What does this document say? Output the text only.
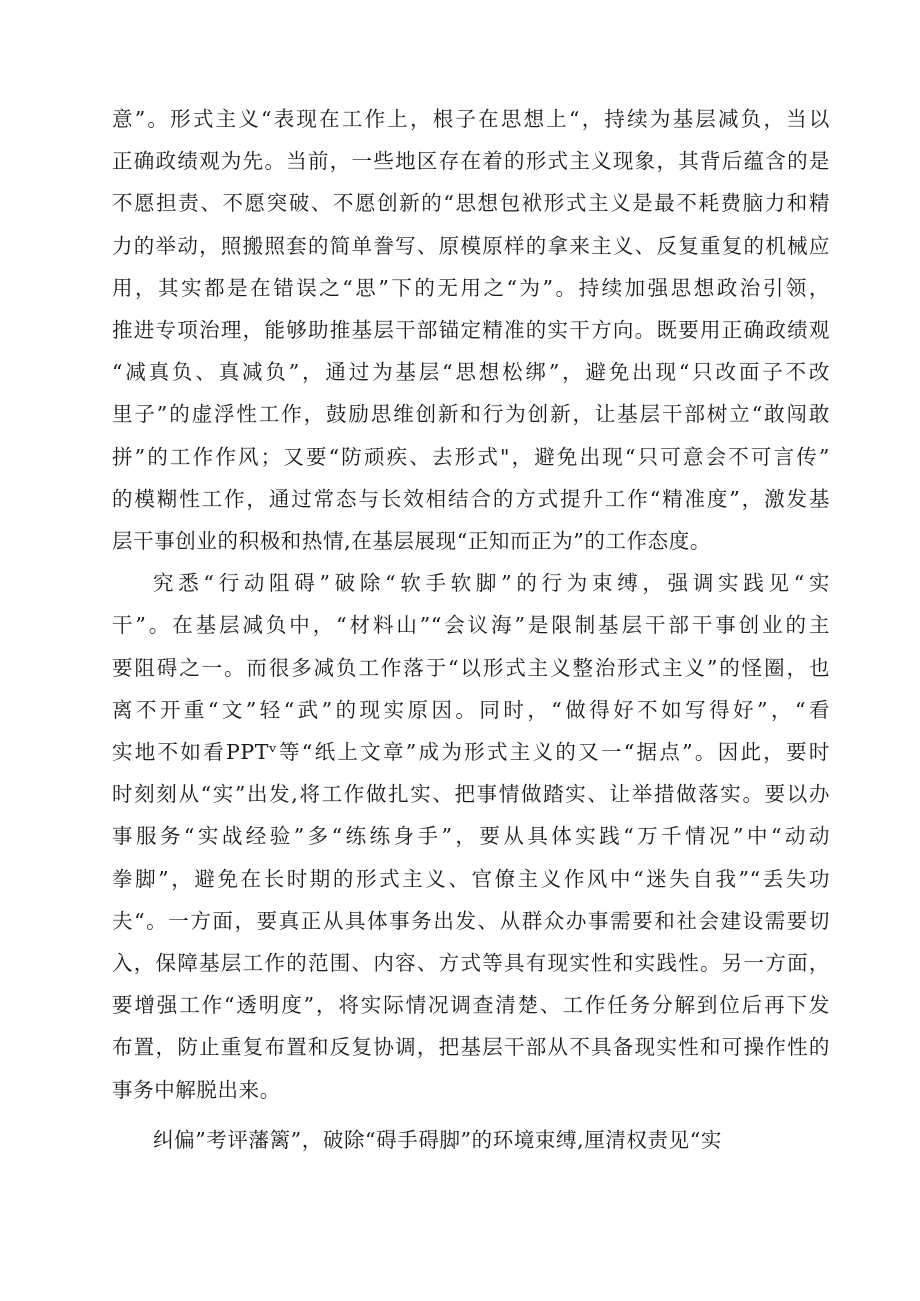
意”。形式主义“表现在工作上，根子在思想上“，持续为基层减负，当以
正确政绩观为先。当前，一些地区存在着的形式主义现象，其背后蕴含的是
不愿担责、不愿突破、不愿创新的“思想包袱形式主义是最不耗费脑力和精
力的举动，照搬照套的简单誊写、原模原样的拿来主义、反复重复的机械应
用，其实都是在错误之“思”下的无用之“为”。持续加强思想政治引领，
推进专项治理，能够助推基层干部锚定精准的实干方向。既要用正确政绩观
“减真负、真减负”，通过为基层“思想松绑”，避免出现“只改面子不改
里子”的虚浮性工作，鼓励思维创新和行为创新，让基层干部树立“敢闯敢
拼”的工作作风；又要“防顽疾、去形式"，避免出现“只可意会不可言传”
的模糊性工作，通过常态与长效相结合的方式提升工作“精准度”，激发基
层干事创业的积极和热情,在基层展现“正知而正为”的工作态度。
究悉“行动阻碍”破除“软手软脚”的行为束缚，强调实践见“实
干”。在基层减负中，“材料山”“会议海”是限制基层干部干事创业的主
要阻碍之一。而很多减负工作落于“以形式主义整治形式主义”的怪圈，也
离不开重“文”轻“武”的现实原因。同时，“做得好不如写得好”，“看
实地不如看PPTᵛ等“纸上文章”成为形式主义的又一“据点”。因此，要时
时刻刻从“实”出发,将工作做扎实、把事情做踏实、让举措做落实。要以办
事服务“实战经验”多“练练身手”，要从具体实践“万千情况”中“动动
拳脚”，避免在长时期的形式主义、官僚主义作风中“迷失自我”“丢失功
夫“。一方面，要真正从具体事务出发、从群众办事需要和社会建设需要切
入，保障基层工作的范围、内容、方式等具有现实性和实践性。另一方面，
要增强工作“透明度”，将实际情况调查清楚、工作任务分解到位后再下发
布置，防止重复布置和反复协调，把基层干部从不具备现实性和可操作性的
事务中解脱出来。
纠偏”考评藩篱”，破除“碍手碍脚”的环境束缚,厘清权责见“实
